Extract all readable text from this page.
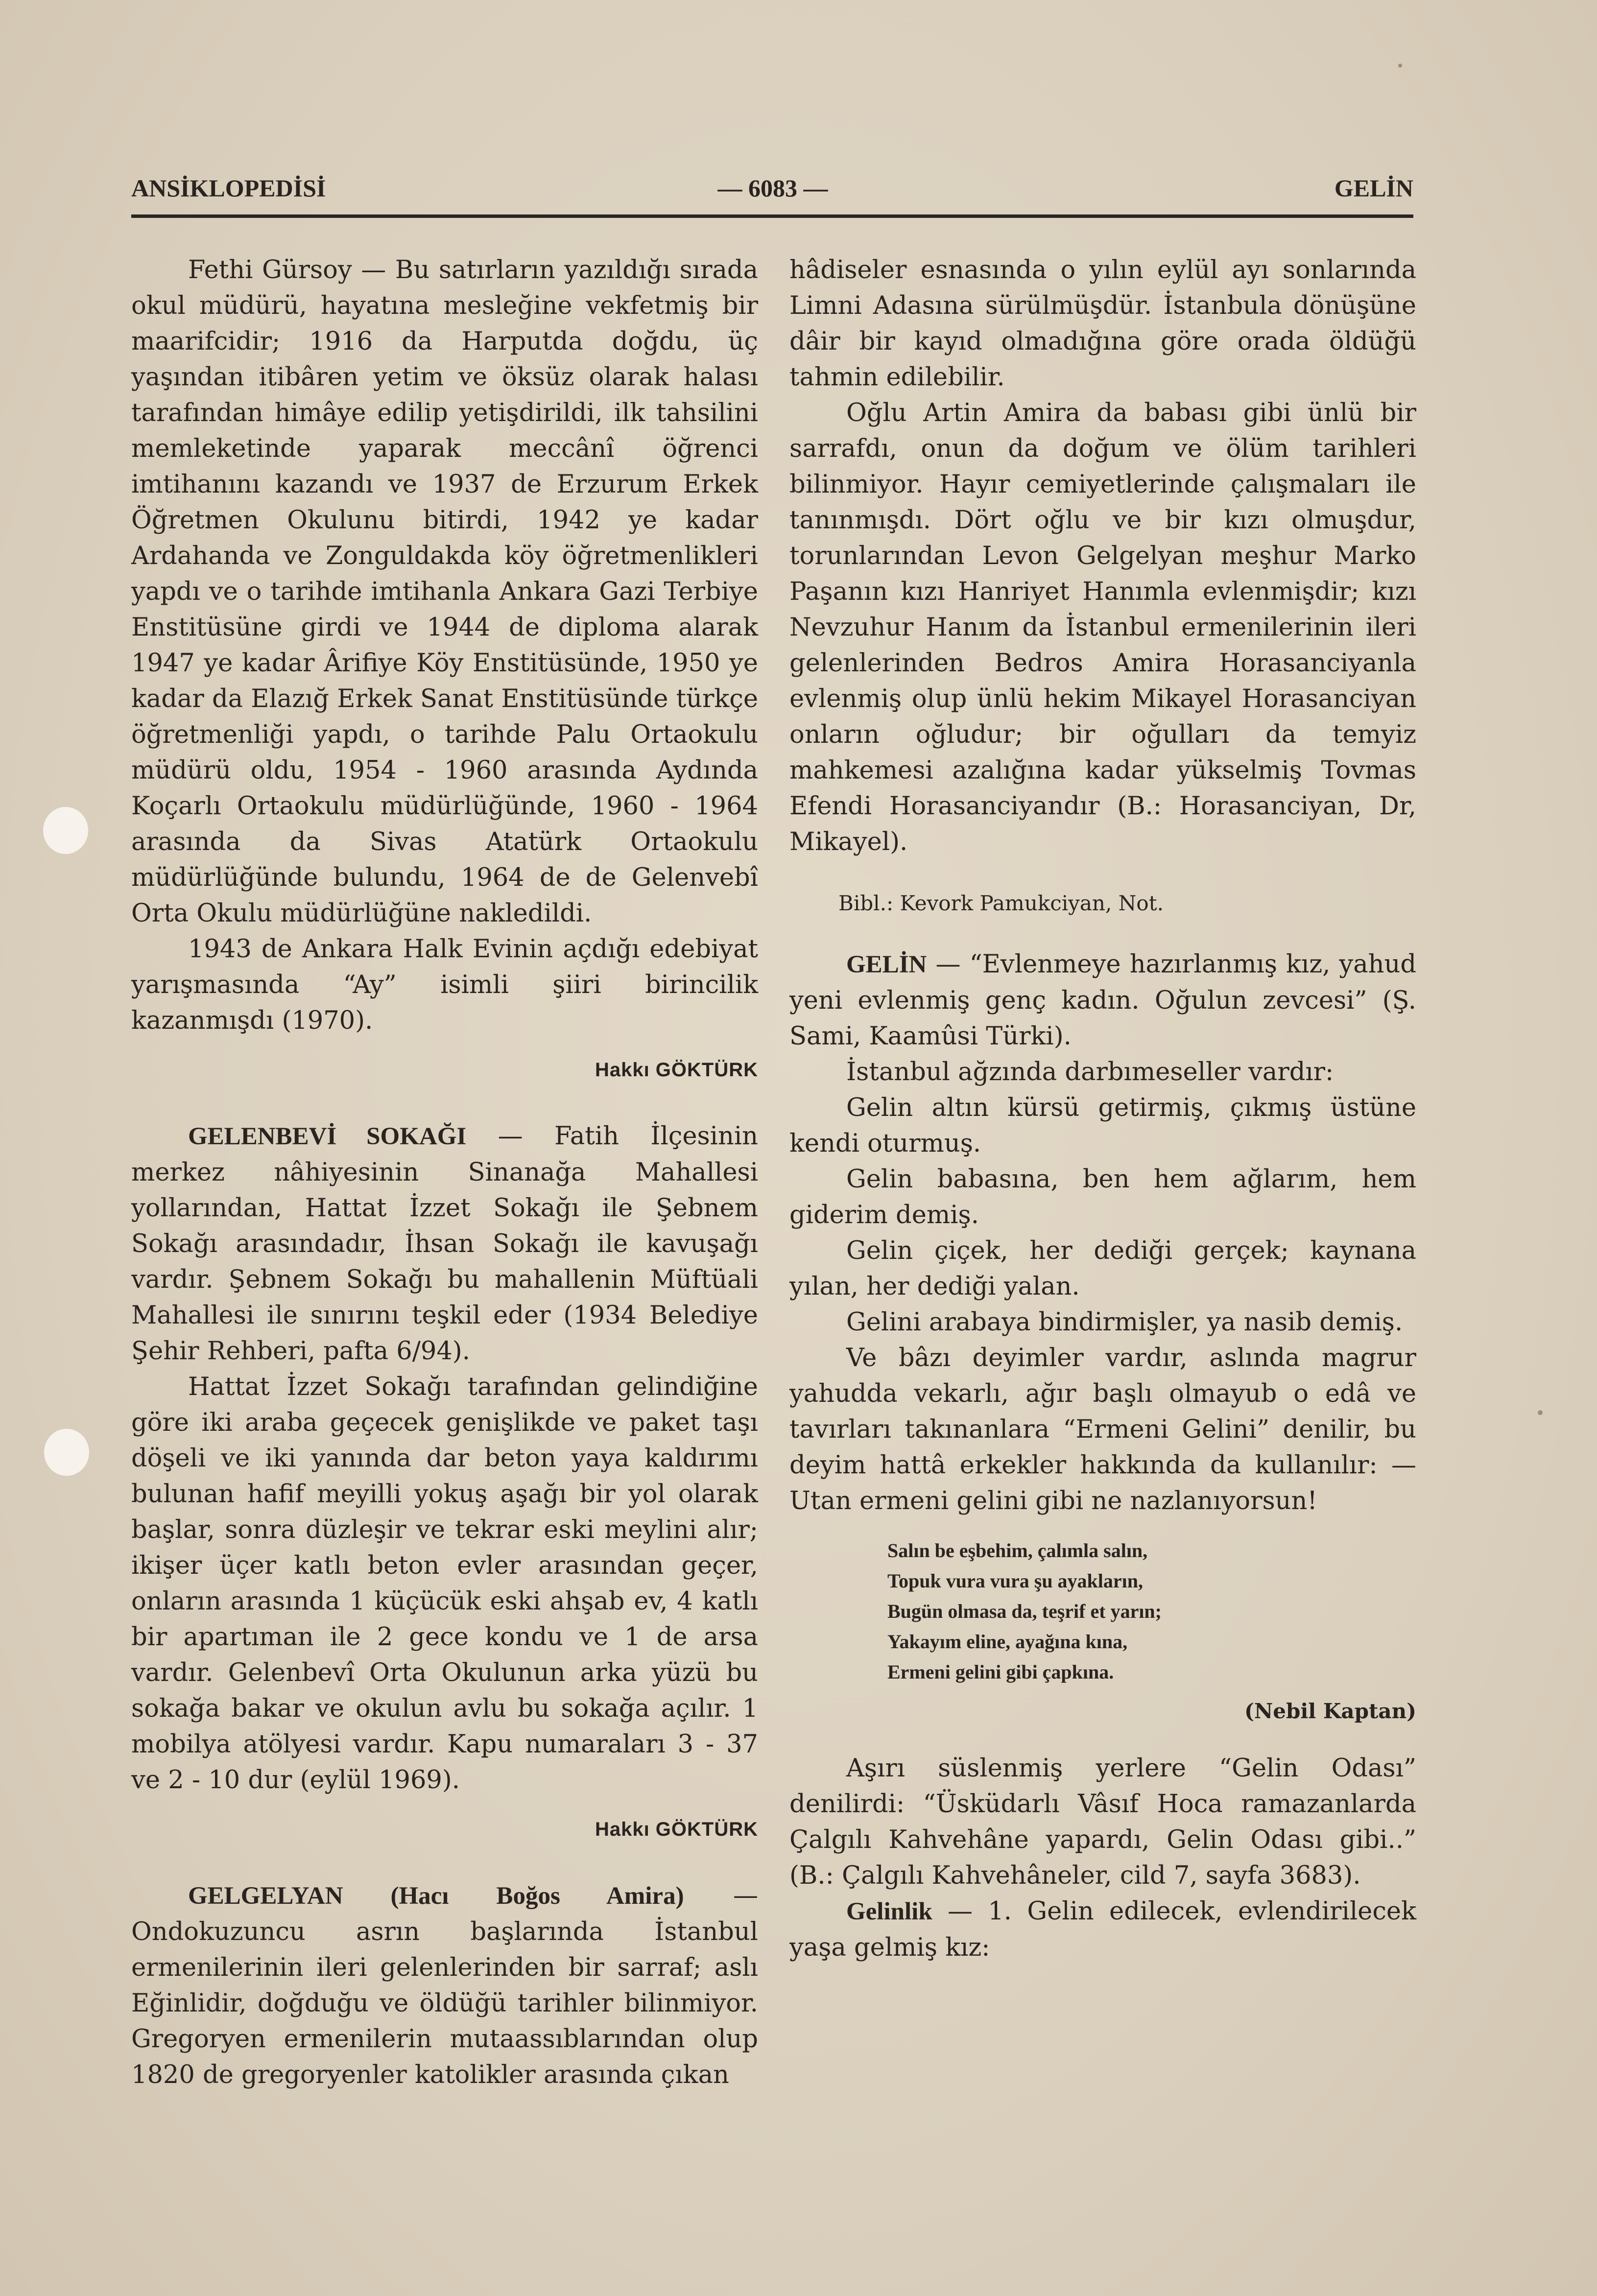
ANSİKLOPEDİSİ	— 6083 —	GELİN

Fethi Gürsoy — Bu satırların yazıldığı sırada okul müdürü, hayatına mesleğine vekfetmiş bir maarifcidir; 1916 da Harputda doğdu, üç yaşından itibâren yetim ve öksüz olarak halası tarafından himâye edilip yetişdirildi, ilk tahsilini memleketinde yaparak meccânî öğrenci imtihanını kazandı ve 1937 de Erzurum Erkek Öğretmen Okulunu bitirdi, 1942 ye kadar Ardahanda ve Zonguldakda köy öğretmenlikleri yapdı ve o tarihde imtihanla Ankara Gazi Terbiye Enstitüsüne girdi ve 1944 de diploma alarak 1947 ye kadar Ârifiye Köy Enstitüsünde, 1950 ye kadar da Elazığ Erkek Sanat Enstitüsünde türkçe öğretmenliği yapdı, o tarihde Palu Ortaokulu müdürü oldu, 1954 - 1960 arasında Aydında Koçarlı Ortaokulu müdürlüğünde, 1960 - 1964 arasında da Sivas Atatürk Ortaokulu müdürlüğünde bulundu, 1964 de de Gelenvebî Orta Okulu müdürlüğüne nakledildi.

1943 de Ankara Halk Evinin açdığı edebiyat yarışmasında “Ay” isimli şiiri birincilik kazanmışdı (1970).

Hakkı GÖKTÜRK

GELENBEVİ SOKAĞI — Fatih İlçesinin merkez nâhiyesinin Sinanağa Mahallesi yollarından, Hattat İzzet Sokağı ile Şebnem Sokağı arasındadır, İhsan Sokağı ile kavuşağı vardır. Şebnem Sokağı bu mahallenin Müftüali Mahallesi ile sınırını teşkil eder (1934 Belediye Şehir Rehberi, pafta 6/94).

Hattat İzzet Sokağı tarafından gelindiğine göre iki araba geçecek genişlikde ve paket taşı döşeli ve iki yanında dar beton yaya kaldırımı bulunan hafif meyilli yokuş aşağı bir yol olarak başlar, sonra düzleşir ve tekrar eski meylini alır; ikişer üçer katlı beton evler arasından geçer, onların arasında 1 küçücük eski ahşab ev, 4 katlı bir apartıman ile 2 gece kondu ve 1 de arsa vardır. Gelenbevî Orta Okulunun arka yüzü bu sokağa bakar ve okulun avlu bu sokağa açılır. 1 mobilya atölyesi vardır. Kapu numaraları 3 - 37 ve 2 - 10 dur (eylül 1969).

Hakkı GÖKTÜRK

GELGELYAN (Hacı Boğos Amira) — Ondokuzuncu asrın başlarında İstanbul ermenilerinin ileri gelenlerinden bir sarraf; aslı Eğinlidir, doğduğu ve öldüğü tarihler bilinmiyor. Gregoryen ermenilerin mutaassıblarından olup 1820 de gregoryenler katolikler arasında çıkan

hâdiseler esnasında o yılın eylül ayı sonlarında Limni Adasına sürülmüşdür. İstanbula dönüşüne dâir bir kayıd olmadığına göre orada öldüğü tahmin edilebilir.

Oğlu Artin Amira da babası gibi ünlü bir sarrafdı, onun da doğum ve ölüm tarihleri bilinmiyor. Hayır cemiyetlerinde çalışmaları ile tanınmışdı. Dört oğlu ve bir kızı olmuşdur, torunlarından Levon Gelgelyan meşhur Marko Paşanın kızı Hanriyet Hanımla evlenmişdir; kızı Nevzuhur Hanım da İstanbul ermenilerinin ileri gelenlerinden Bedros Amira Horasanciyanla evlenmiş olup ünlü hekim Mikayel Horasanciyan onların oğludur; bir oğulları da temyiz mahkemesi azalığına kadar yükselmiş Tovmas Efendi Horasanciyandır (B.: Horasanciyan, Dr, Mikayel).

Bibl.: Kevork Pamukciyan, Not.

GELİN — “Evlenmeye hazırlanmış kız, yahud yeni evlenmiş genç kadın. Oğulun zevcesi” (Ş. Sami, Kaamûsi Türki).

İstanbul ağzında darbımeseller vardır:

Gelin altın kürsü getirmiş, çıkmış üstüne kendi oturmuş.

Gelin babasına, ben hem ağlarım, hem giderim demiş.

Gelin çiçek, her dediği gerçek; kaynana yılan, her dediği yalan.

Gelini arabaya bindirmişler, ya nasib demiş.

Ve bâzı deyimler vardır, aslında magrur yahudda vekarlı, ağır başlı olmayub o edâ ve tavırları takınanlara “Ermeni Gelini” denilir, bu deyim hattâ erkekler hakkında da kullanılır: — Utan ermeni gelini gibi ne nazlanıyorsun!

Salın be eşbehim, çalımla salın,
Topuk vura vura şu ayakların,
Bugün olmasa da, teşrif et yarın;
Yakayım eline, ayağına kına,
Ermeni gelini gibi çapkına.
(Nebil Kaptan)

Aşırı süslenmiş yerlere “Gelin Odası” denilirdi: “Üsküdarlı Vâsıf Hoca ramazanlarda Çalgılı Kahvehâne yapardı, Gelin Odası gibi..” (B.: Çalgılı Kahvehâneler, cild 7, sayfa 3683).

Gelinlik — 1. Gelin edilecek, evlendirilecek yaşa gelmiş kız:
